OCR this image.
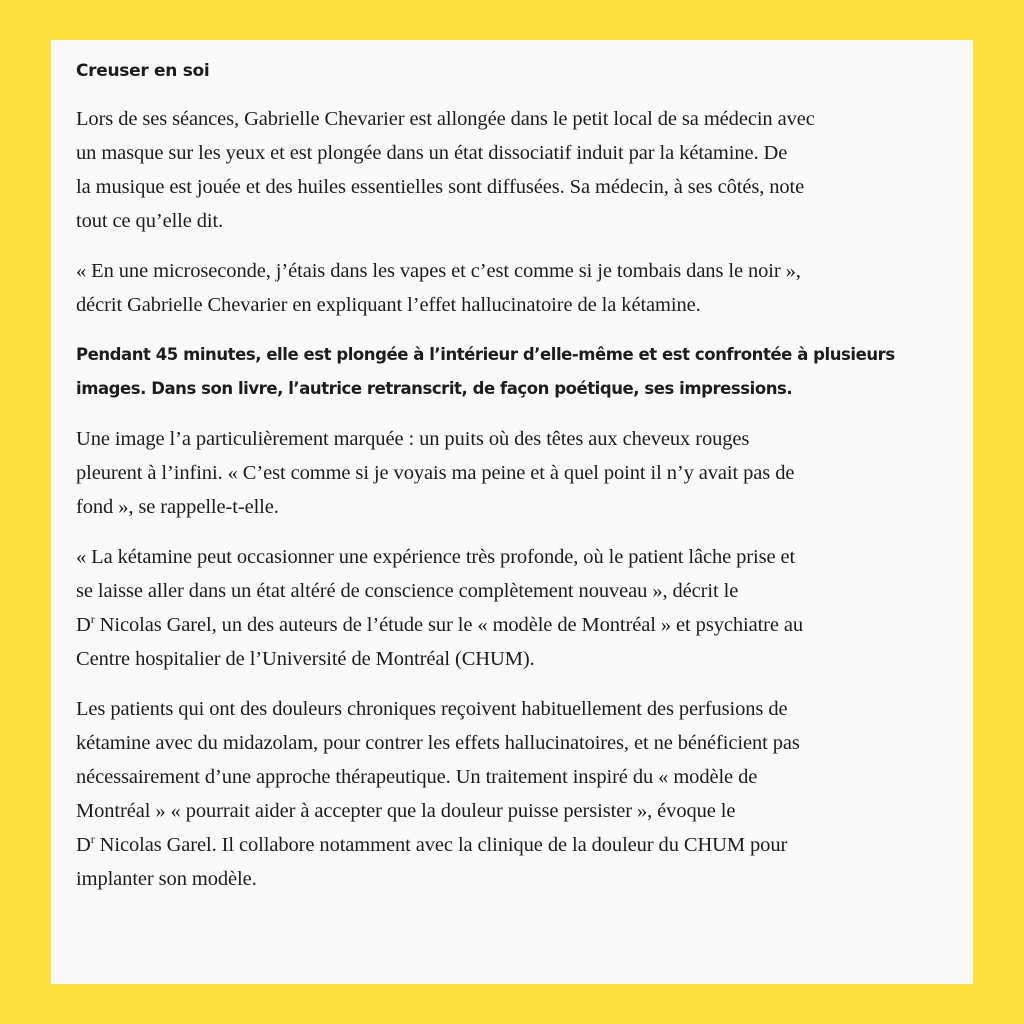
Creuser en soi
Lors de ses séances, Gabrielle Chevarier est allongée dans le petit local de sa médecin avec
un masque sur les yeux et est plongée dans un état dissociatif induit par la kétamine. De
la musique est jouée et des huiles essentielles sont diffusées. Sa médecin, à ses côtés, note
tout ce qu’elle dit.
« En une microseconde, j’étais dans les vapes et c’est comme si je tombais dans le noir »,
décrit Gabrielle Chevarier en expliquant l’effet hallucinatoire de la kétamine.
Pendant 45 minutes, elle est plongée à l’intérieur d’elle-même et est confrontée à plusieurs
images. Dans son livre, l’autrice retranscrit, de façon poétique, ses impressions.
Une image l’a particulièrement marquée : un puits où des têtes aux cheveux rouges
pleurent à l’infini. « C’est comme si je voyais ma peine et à quel point il n’y avait pas de
fond », se rappelle-t-elle.
« La kétamine peut occasionner une expérience très profonde, où le patient lâche prise et
se laisse aller dans un état altéré de conscience complètement nouveau », décrit le
$D^r$ Nicolas Garel, un des auteurs de l’étude sur le « modèle de Montréal » et psychiatre au
Centre hospitalier de l’Université de Montréal (CHUM).
Les patients qui ont des douleurs chroniques reçoivent habituellement des perfusions de
kétamine avec du midazolam, pour contrer les effets hallucinatoires, et ne bénéficient pas
nécessairement d’une approche thérapeutique. Un traitement inspiré du « modèle de
Montréal » « pourrait aider à accepter que la douleur puisse persister », évoque le
$D^r$ Nicolas Garel. Il collabore notamment avec la clinique de la douleur du CHUM pour
implanter son modèle.
